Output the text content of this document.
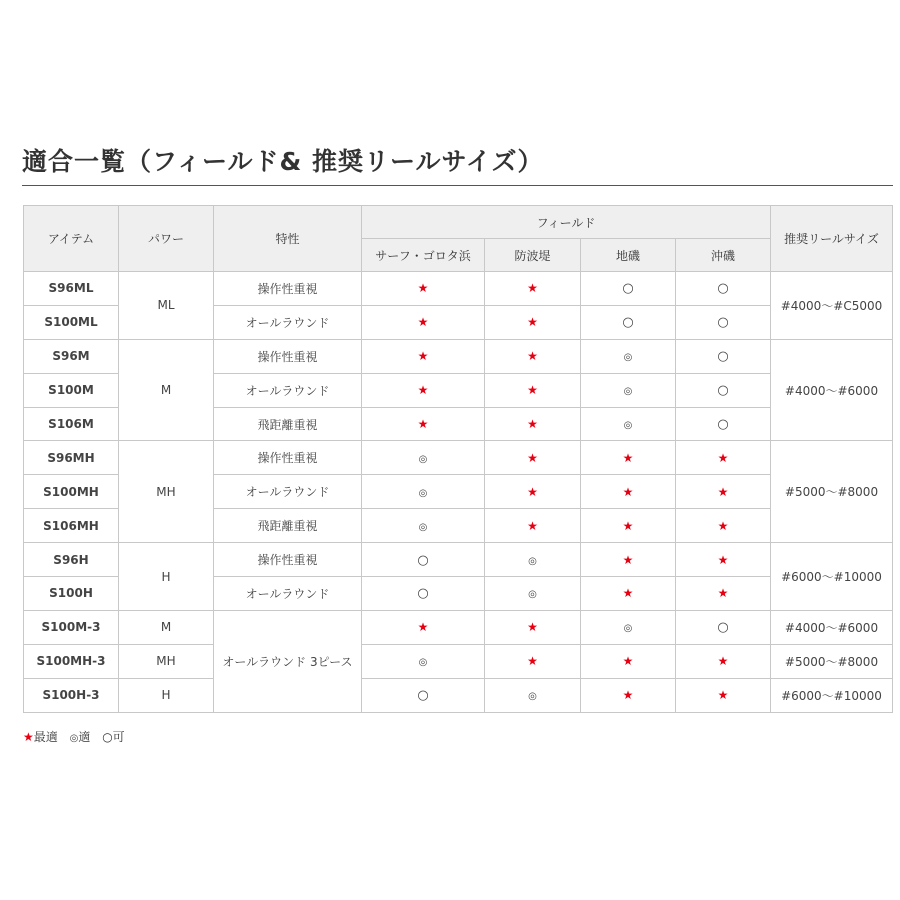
適合一覧（フィールド& 推奨リールサイズ）
アイテム	パワー	特性	フィールド				推奨リールサイズ
			サーフ・ゴロタ浜	防波堤	地磯	沖磯	
S96ML	ML	操作性重視	★	★	○	○	#4000〜#C5000
S100ML		オールラウンド	★	★	○	○	
S96M	M	操作性重視	★	★	◎	○	#4000〜#6000
S100M		オールラウンド	★	★	◎	○	
S106M		飛距離重視	★	★	◎	○	
S96MH	MH	操作性重視	◎	★	★	★	#5000〜#8000
S100MH		オールラウンド	◎	★	★	★	
S106MH		飛距離重視	◎	★	★	★	
S96H	H	操作性重視	○	◎	★	★	#6000〜#10000
S100H		オールラウンド	○	◎	★	★	
S100M-3	M	オールラウンド 3ピース	★	★	◎	○	#4000〜#6000
S100MH-3	MH		◎	★	★	★	#5000〜#8000
S100H-3	H		○	◎	★	★	#6000〜#10000
★最適 ◎適 ○可
